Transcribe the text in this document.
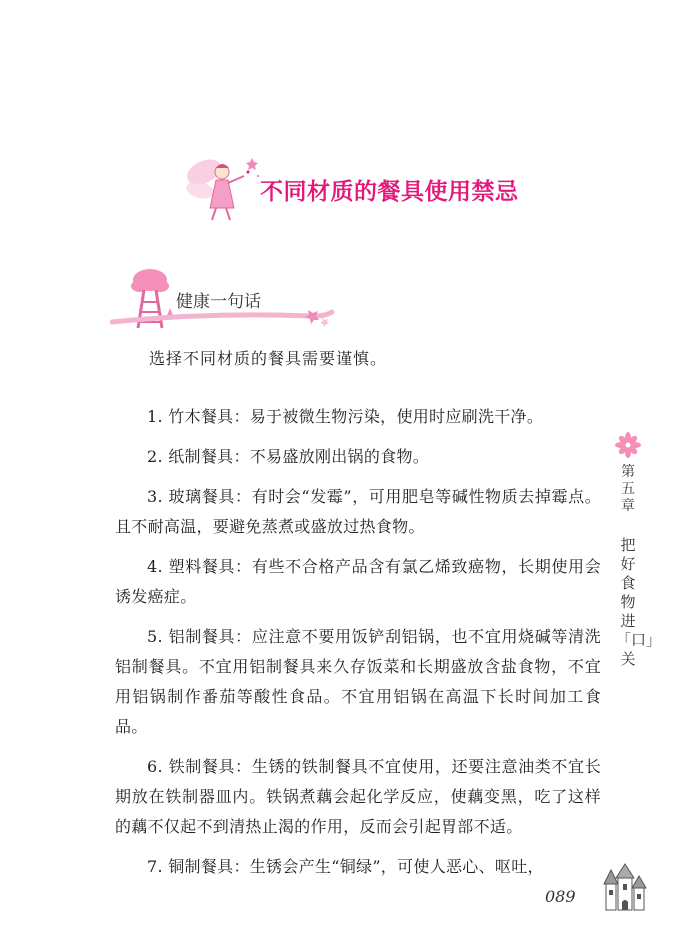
不同材质的餐具使用禁忌
健康一句话
选择不同材质的餐具需要谨慎。

1. 竹木餐具：易于被微生物污染，使用时应刷洗干净。

2. 纸制餐具：不易盛放刚出锅的食物。

3. 玻璃餐具：有时会“发霉”，可用肥皂等碱性物质去掉霉点。且不耐高温，要避免蒸煮或盛放过热食物。

4. 塑料餐具：有些不合格产品含有氯乙烯致癌物，长期使用会诱发癌症。

5. 铝制餐具：应注意不要用饭铲刮铝锅，也不宜用烧碱等清洗铝制餐具。不宜用铝制餐具来久存饭菜和长期盛放含盐食物，不宜用铝锅制作番茄等酸性食品。不宜用铝锅在高温下长时间加工食品。

6. 铁制餐具：生锈的铁制餐具不宜使用，还要注意油类不宜长期放在铁制器皿内。铁锅煮藕会起化学反应，使藕变黑，吃了这样的藕不仅起不到清热止渴的作用，反而会引起胃部不适。

7. 铜制餐具：生锈会产生“铜绿”，可使人恶心、呕吐，

第五章
把好食物进「口」关
089
